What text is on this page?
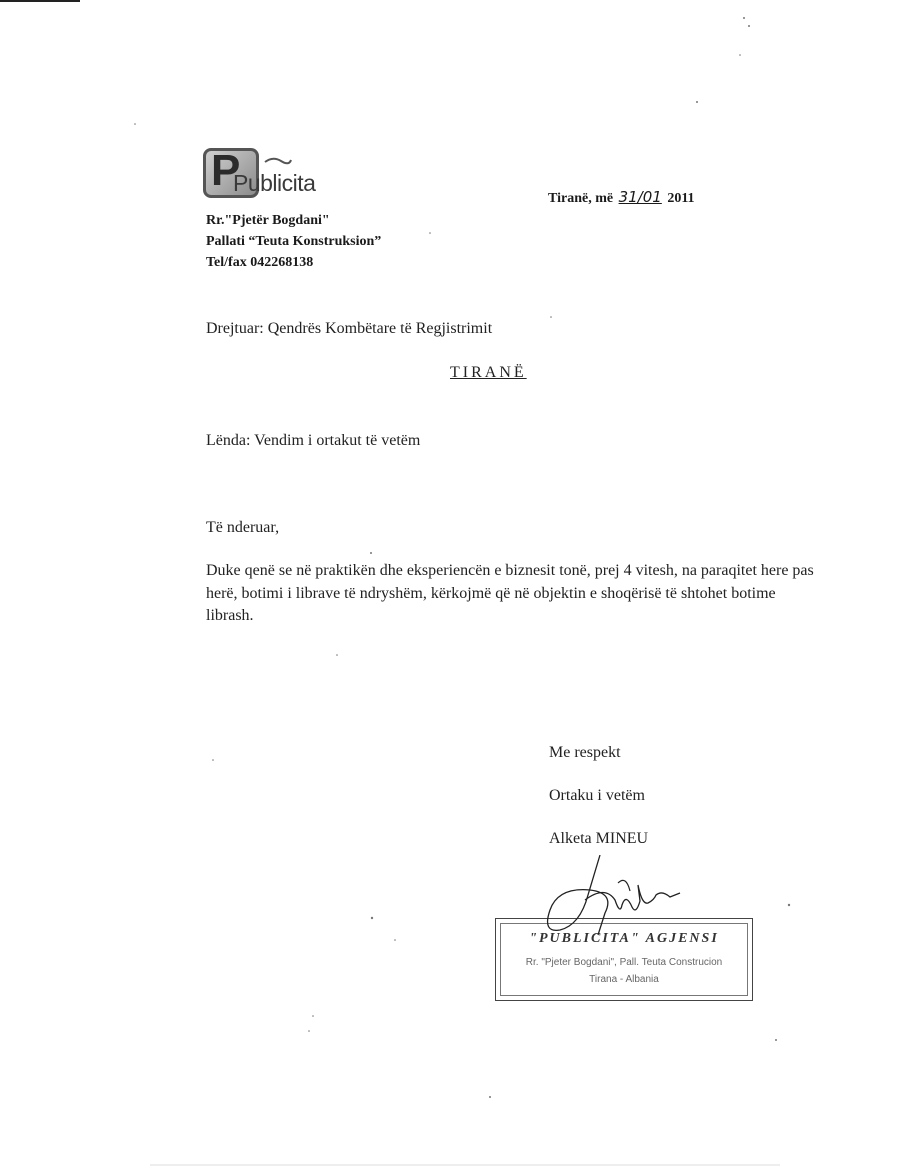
P
Publicita
Rr."Pjetër Bogdani"
Pallati “Teuta Konstruksion”
Tel/fax 042268138
Tiranë, më 31/01 2011
Drejtuar: Qendrës Kombëtare të Regjistrimit
TIRANË
Lënda: Vendim i ortakut të vetëm
Të nderuar,
Duke qenë se në praktikën dhe eksperiencën e biznesit tonë, prej 4 vitesh, na paraqitet here pas herë, botimi i librave të ndryshëm, kërkojmë që në objektin e shoqërisë të shtohet botime librash.
Me respekt
Ortaku i vetëm
Alketa MINEU
"PUBLICITA" AGJENSI
Rr. "Pjeter Bogdani", Pall. Teuta Construcion
Tirana - Albania
